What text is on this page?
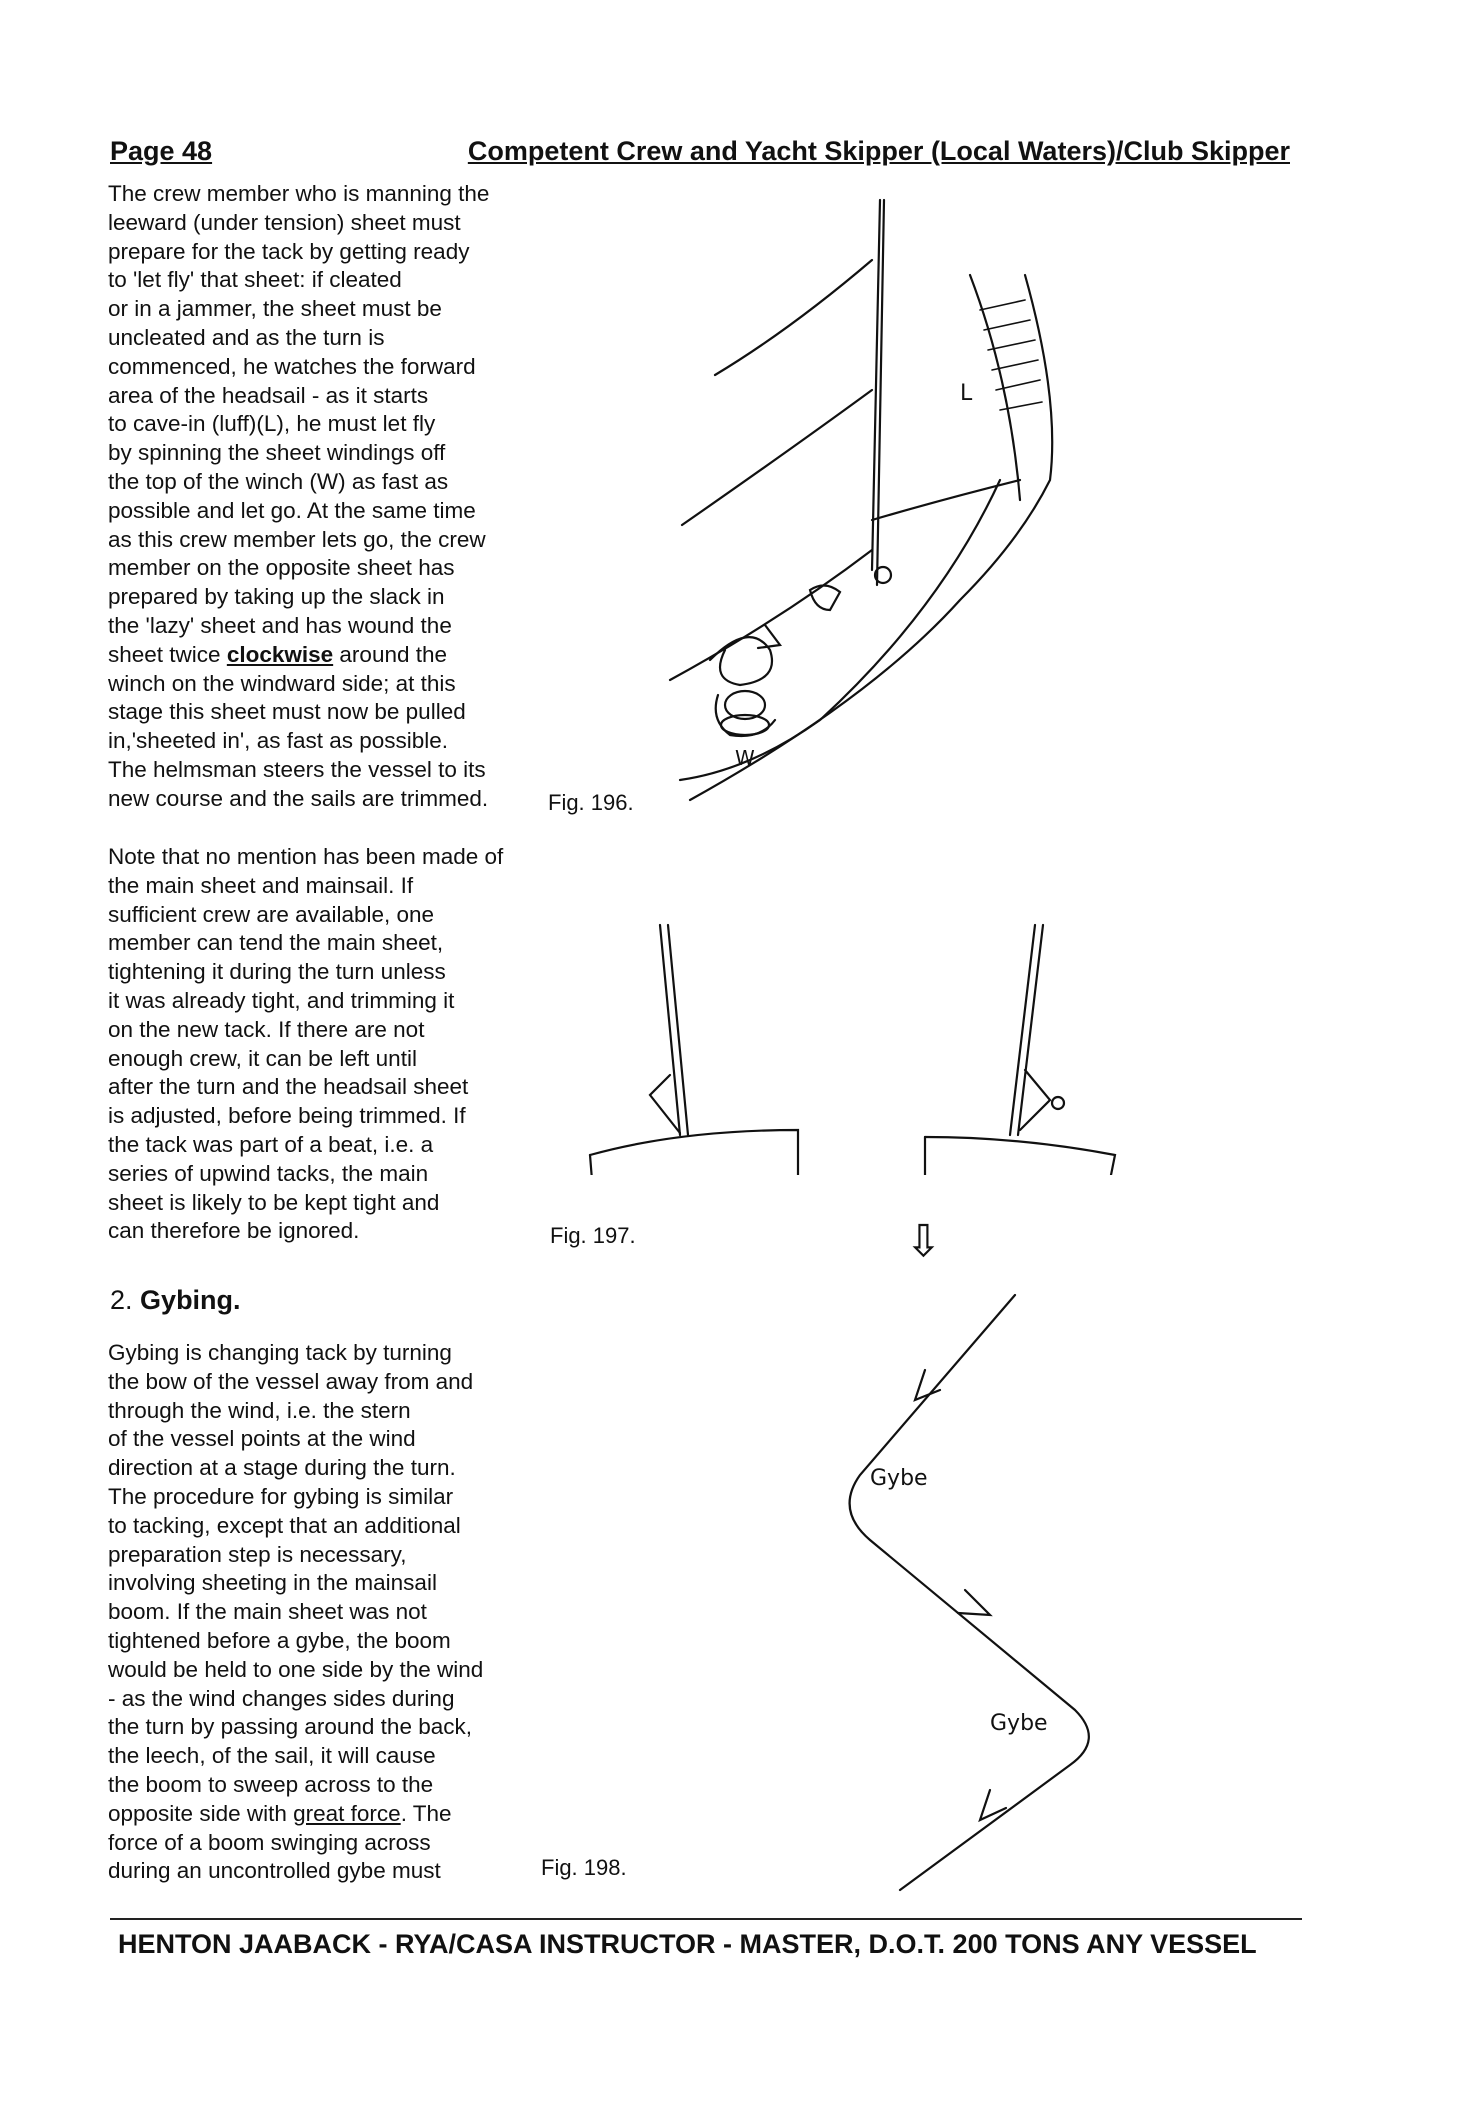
Page 48	Competent Crew and Yacht Skipper (Local Waters)/Club Skipper
The crew member who is manning the
leeward (under tension) sheet must
prepare for the tack by getting ready
to 'let fly' that sheet: if cleated
or in a jammer, the sheet must be
uncleated and as the turn is
commenced, he watches the forward
area of the headsail - as it starts
to cave-in (luff)(L), he must let fly
by spinning the sheet windings off
the top of the winch (W) as fast as
possible and let go. At the same time
as this crew member lets go, the crew
member on the opposite sheet has
prepared by taking up the slack in
the 'lazy' sheet and has wound the
sheet twice clockwise around the
winch on the windward side; at this
stage this sheet must now be pulled
in,'sheeted in', as fast as possible.
The helmsman steers the vessel to its
new course and the sails are trimmed.
Note that no mention has been made of
the main sheet and mainsail. If
sufficient crew are available, one
member can tend the main sheet,
tightening it during the turn unless
it was already tight, and trimming it
on the new tack. If there are not
enough crew, it can be left until
after the turn and the headsail sheet
is adjusted, before being trimmed. If
the tack was part of a beat, i.e. a
series of upwind tacks, the main
sheet is likely to be kept tight and
can therefore be ignored.
2. Gybing.
Gybing is changing tack by turning
the bow of the vessel away from and
through the wind, i.e. the stern
of the vessel points at the wind
direction at a stage during the turn.
The procedure for gybing is similar
to tacking, except that an additional
preparation step is necessary,
involving sheeting in the mainsail
boom. If the main sheet was not
tightened before a gybe, the boom
would be held to one side by the wind
- as the wind changes sides during
the turn by passing around the back,
the leech, of the sail, it will cause
the boom to sweep across to the
opposite side with great force. The
force of a boom swinging across
during an uncontrolled gybe must
Fig. 196.
Fig. 197.
Fig. 198.
L
W
⇩
Gybe
Gybe
HENTON JAABACK - RYA/CASA INSTRUCTOR - MASTER, D.O.T. 200 TONS ANY VESSEL
